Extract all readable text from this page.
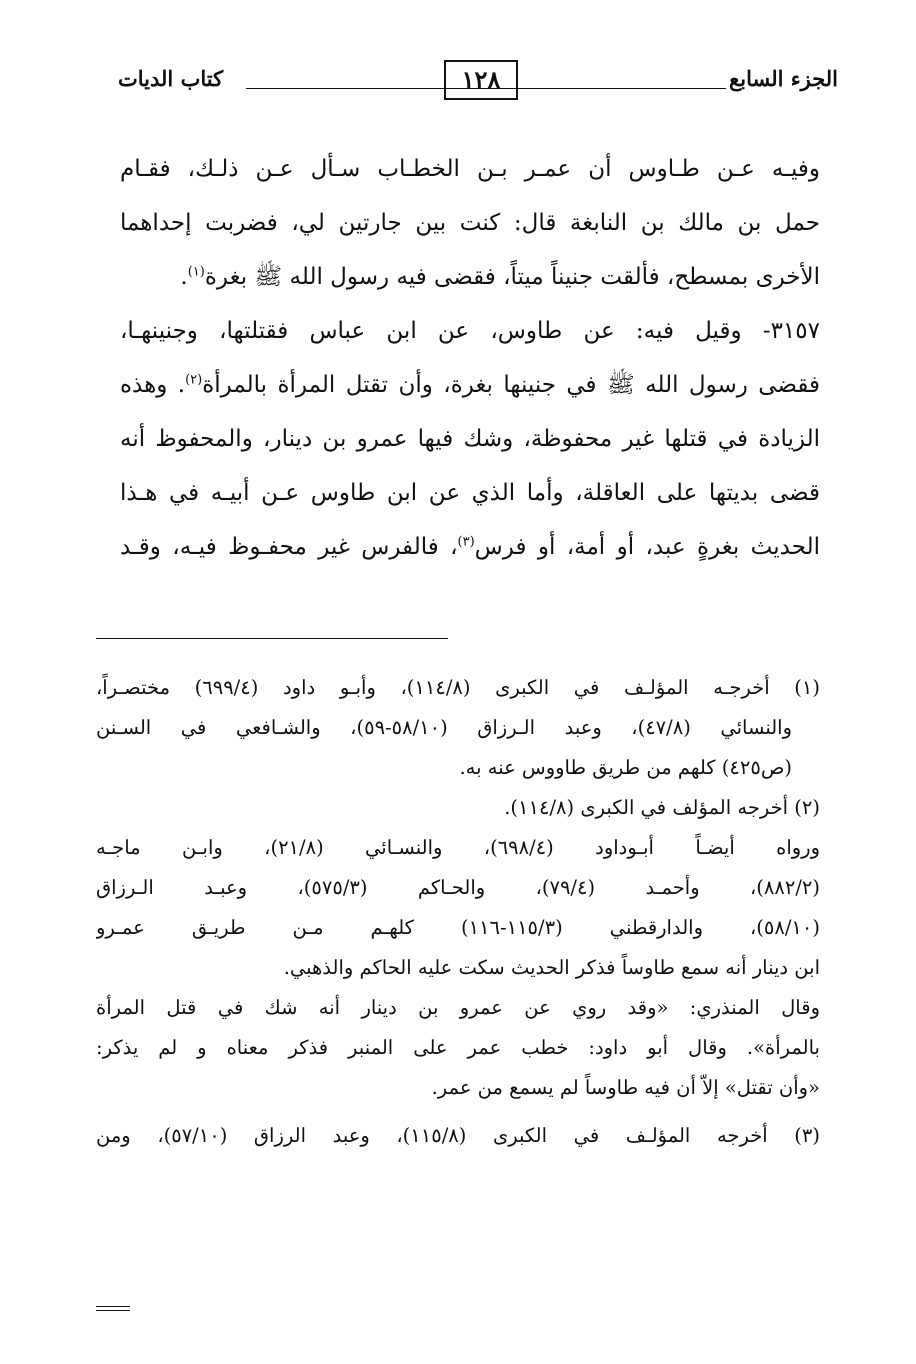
الجزء السابع
١٢٨
كتاب الديات
وفيـه عـن طـاوس أن عمـر بـن الخطـاب سـأل عـن ذلـك، فقـام
حمل بن مالك بن النابغة قال: كنت بين جارتين لي، فضربت إحداهما
الأخرى بمسطح، فألقت جنيناً ميتاً، فقضى فيه رسول الله ﷺ بغرة$^{(١)}$.
٣١٥٧- وقيل فيه: عن طاوس، عن ابن عباس فقتلتها، وجنينهـا،
فقضى رسول الله ﷺ في جنينها بغرة، وأن تقتل المرأة بالمرأة$^{(٢)}$. وهذه
الزيادة في قتلها غير محفوظة، وشك فيها عمرو بن دينار، والمحفوظ أنه
قضى بديتها على العاقلة، وأما الذي عن ابن طاوس عـن أبيـه في هـذا
الحديث بغرةٍ عبد، أو أمة، أو فرس$^{(٣)}$، فالفرس غير محفـوظ فيـه، وقـد
(١) أخرجـه المؤلـف في الكبرى (١١٤/٨)، وأبـو داود (٦٩٩/٤) مختصـراً،
والنسائي (٤٧/٨)، وعبد الـرزاق (٥٨/١٠-٥٩)، والشـافعي في السـنن
(ص٤٢٥) كلهم من طريق طاووس عنه به.
(٢) أخرجه المؤلف في الكبرى (١١٤/٨).
ورواه أيضـاً أبـوداود (٦٩٨/٤)، والنسـائي (٢١/٨)، وابـن ماجـه
(٨٨٢/٢)، وأحمـد (٧٩/٤)، والحـاكم (٥٧٥/٣)، وعبـد الـرزاق
(٥٨/١٠)، والدارقطني (١١٥/٣-١١٦) كلهـم مـن طريـق عمـرو
ابن دينار أنه سمع طاوساً فذكر الحديث سكت عليه الحاكم والذهبي.
وقال المنذري: «وقد روي عن عمرو بن دينار أنه شك في قتل المرأة
بالمرأة». وقال أبو داود: خطب عمر على المنبر فذكر معناه و لم يذكر:
«وأن تقتل» إلاّ أن فيه طاوساً لم يسمع من عمر.
(٣) أخرجه المؤلـف في الكبرى (١١٥/٨)، وعبد الرزاق (٥٧/١٠)، ومن
